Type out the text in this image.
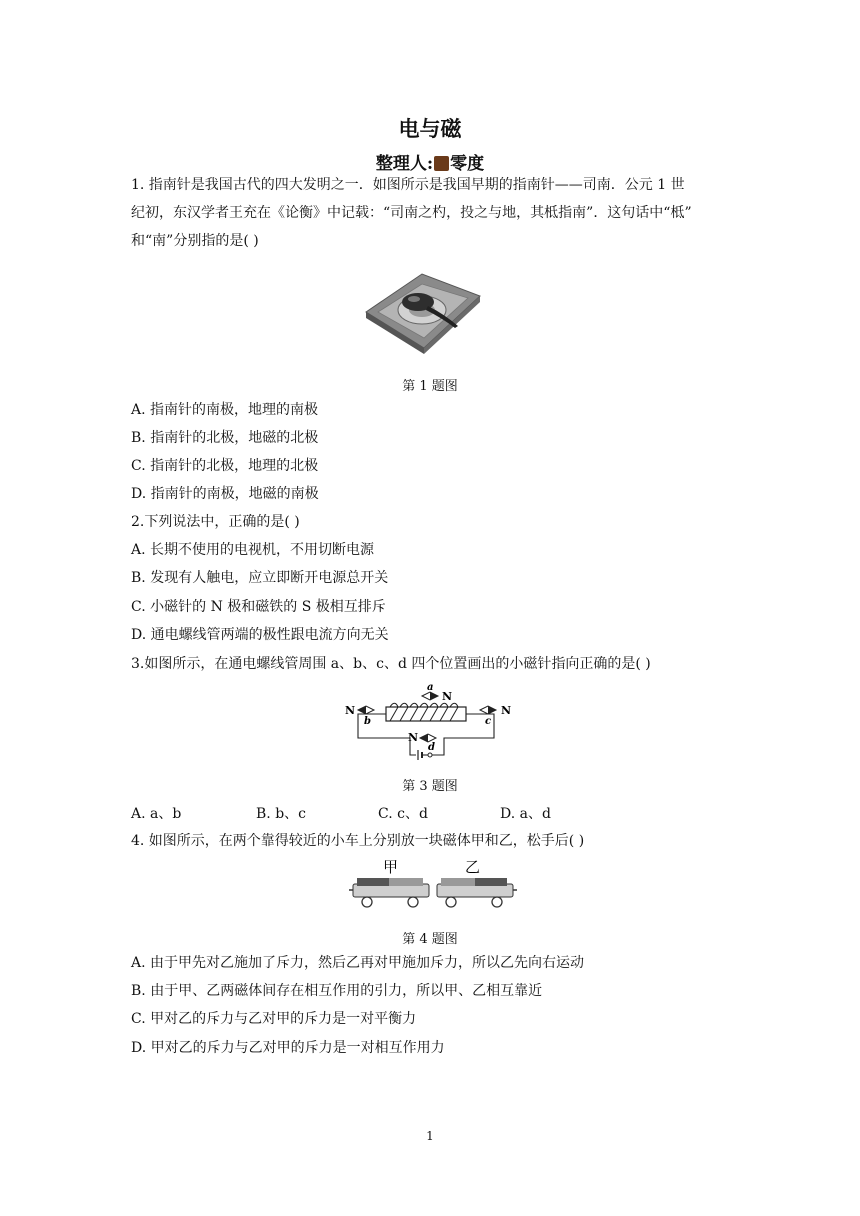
电与磁
整理人: 零度
1. 指南针是我国古代的四大发明之一．如图所示是我国早期的指南针——司南．公元 1 世
纪初，东汉学者王充在《论衡》中记载：“司南之杓，投之与地，其柢指南”．这句话中“柢”
和“南”分别指的是( )
第 1 题图
A. 指南针的南极，地理的南极
B. 指南针的北极，地磁的北极
C. 指南针的北极，地理的北极
D. 指南针的南极，地磁的南极
2.下列说法中，正确的是( )
A. 长期不使用的电视机，不用切断电源
B. 发现有人触电，应立即断开电源总开关
C. 小磁针的 N 极和磁铁的 S 极相互排斥
D. 通电螺线管两端的极性跟电流方向无关
3.如图所示，在通电螺线管周围 a、b、c、d 四个位置画出的小磁针指向正确的是( )
a
N
b
N
c
N
d
N
第 3 题图
A. a、b	B. b、c	C. c、d	D. a、d
4. 如图所示，在两个靠得较近的小车上分别放一块磁体甲和乙，松手后( )
甲	乙
第 4 题图
A. 由于甲先对乙施加了斥力，然后乙再对甲施加斥力，所以乙先向右运动
B. 由于甲、乙两磁体间存在相互作用的引力，所以甲、乙相互靠近
C. 甲对乙的斥力与乙对甲的斥力是一对平衡力
D. 甲对乙的斥力与乙对甲的斥力是一对相互作用力
1
